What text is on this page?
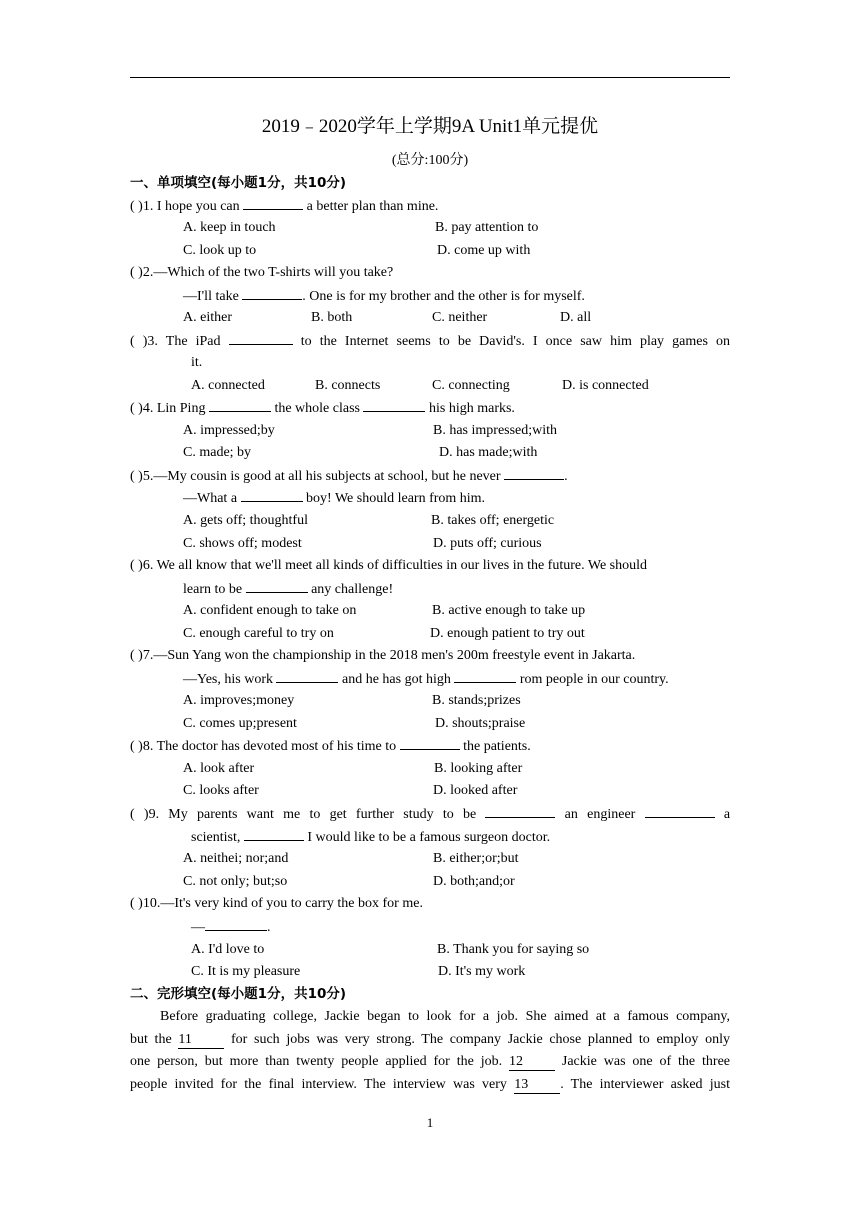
2019﹣2020学年上学期9A Unit1单元提优
(总分:100分)
一、单项填空(每小题1分，共10分)
( )1. I hope you can	a better plan than mine.
A. keep in touch	B. pay attention to
C. look up to	D. come up with
( )2.—Which of the two T-shirts will you take?
—I'll take	. One is for my brother and the other is for myself.
A. either	B. both	C. neither	D. all
( )3. The iPad	to the Internet seems to be David's. I once saw him play games on
it.
A. connected	B. connects	C. connecting	D. is connected
( )4. Lin Ping	the whole class	his high marks.
A. impressed;by	B. has impressed;with
C. made; by	D. has made;with
( )5.—My cousin is good at all his subjects at school, but he never	.
—What a	boy! We should learn from him.
A. gets off; thoughtful	B. takes off; energetic
C. shows off; modest	D. puts off; curious
( )6. We all know that we'll meet all kinds of difficulties in our lives in the future. We should
learn to be	any challenge!
A. confident enough to take on	B. active enough to take up
C. enough careful to try on	D. enough patient to try out
( )7.—Sun Yang won the championship in the 2018 men's 200m freestyle event in Jakarta.
—Yes, his work	and he has got high	rom people in our country.
A. improves;money	B. stands;prizes
C. comes up;present	D. shouts;praise
( )8. The doctor has devoted most of his time to	the patients.
A. look after	B. looking after
C. looks after	D. looked after
( )9. My parents want me to get further study to be	an engineer	a
scientist,	I would like to be a famous surgeon doctor.
A. neithei; nor;and	B. either;or;but
C. not only; but;so	D. both;and;or
( )10.—It's very kind of you to carry the box for me.
—	.
A. I'd love to	B. Thank you for saying so
C. It is my pleasure	D. It's my work
二、完形填空(每小题1分，共10分)
Before graduating college, Jackie began to look for a job. She aimed at a famous company,
but the 11	for such jobs was very strong. The company Jackie chose planned to employ only
one person, but more than twenty people applied for the job. 12	Jackie was one of the three
people invited for the final interview. The interview was very 13 . The interviewer asked just
1
